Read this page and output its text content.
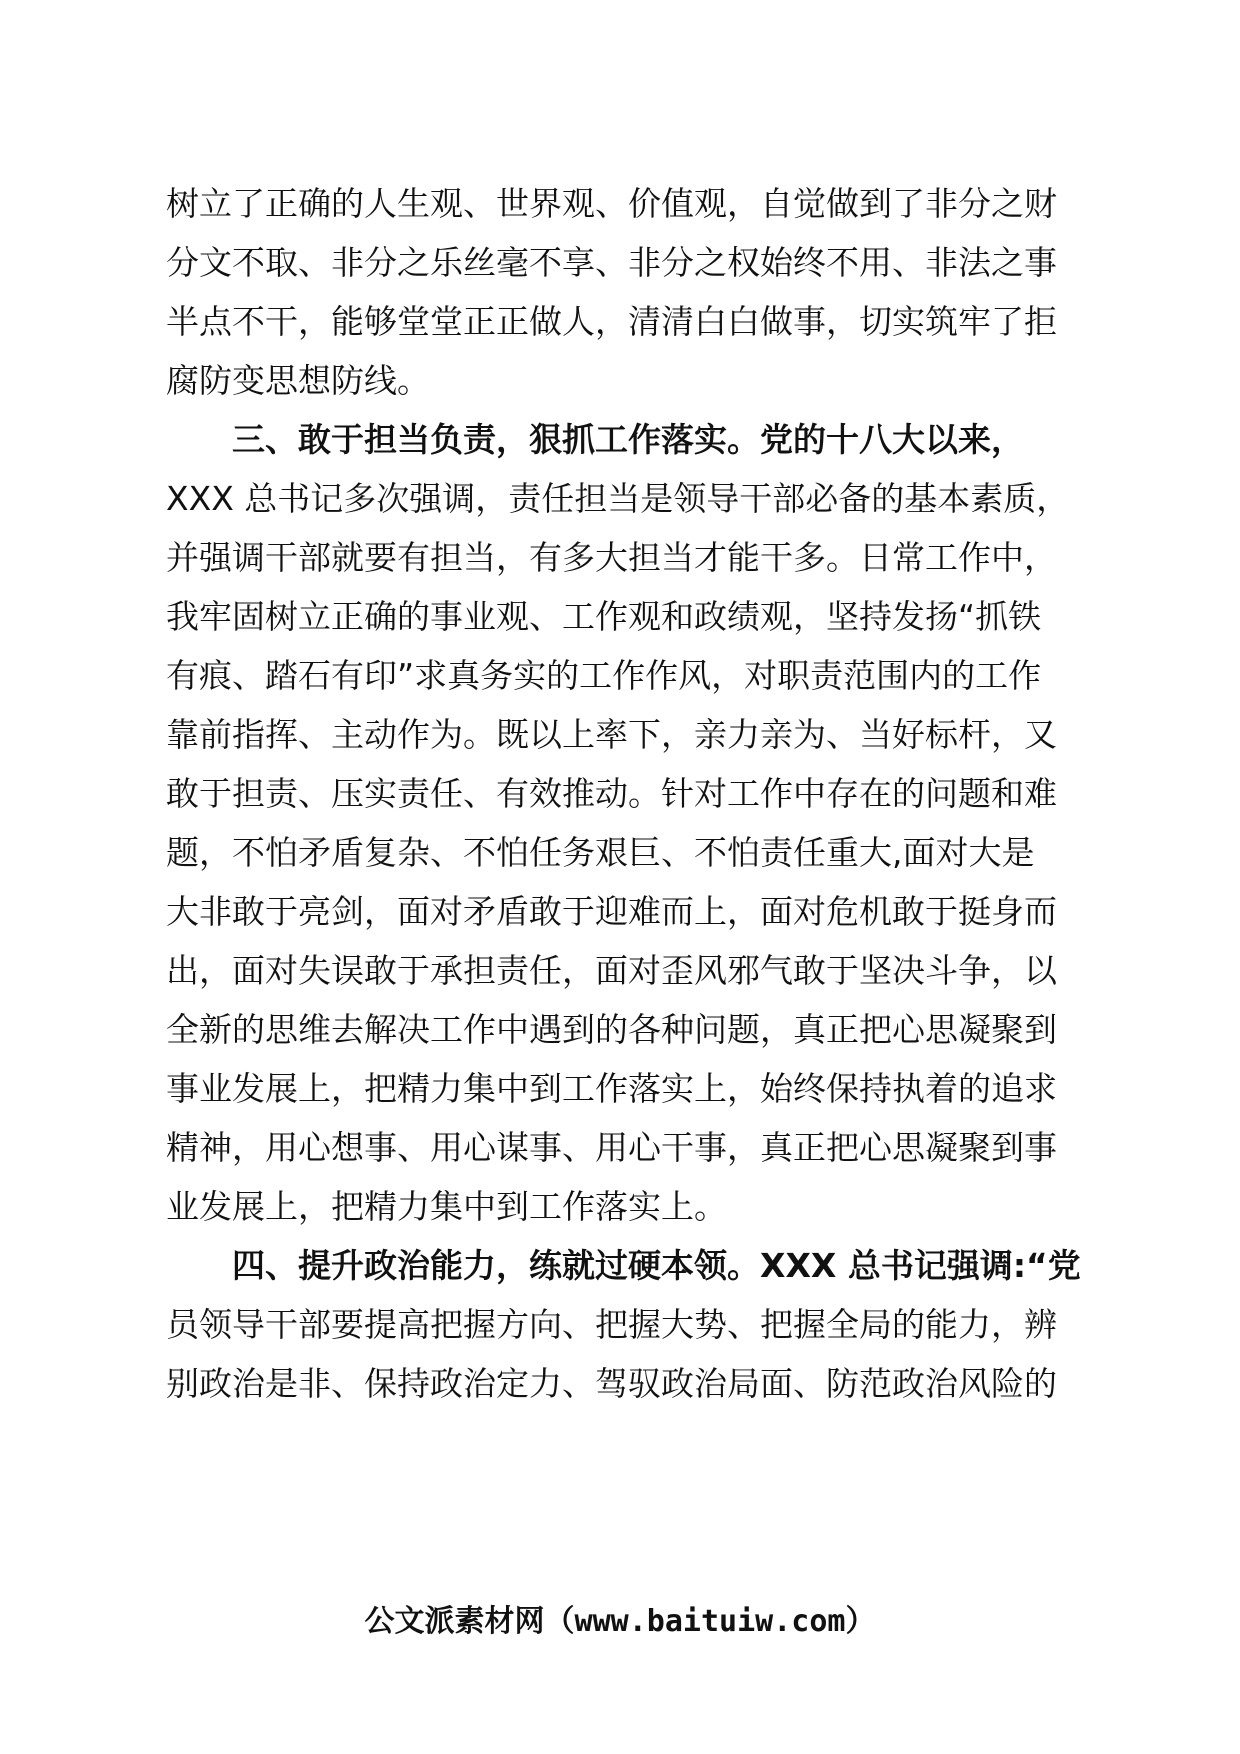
树立了正确的人生观、世界观、价值观，自觉做到了非分之财
分文不取、非分之乐丝毫不享、非分之权始终不用、非法之事
半点不干，能够堂堂正正做人，清清白白做事，切实筑牢了拒
腐防变思想防线。
三、敢于担当负责，狠抓工作落实。党的十八大以来，
XXX 总书记多次强调，责任担当是领导干部必备的基本素质，
并强调干部就要有担当，有多大担当才能干多。日常工作中，
我牢固树立正确的事业观、工作观和政绩观，坚持发扬“抓铁
有痕、踏石有印”求真务实的工作作风，对职责范围内的工作
靠前指挥、主动作为。既以上率下，亲力亲为、当好标杆，又
敢于担责、压实责任、有效推动。针对工作中存在的问题和难
题，不怕矛盾复杂、不怕任务艰巨、不怕责任重大,面对大是
大非敢于亮剑，面对矛盾敢于迎难而上，面对危机敢于挺身而
出，面对失误敢于承担责任，面对歪风邪气敢于坚决斗争，以
全新的思维去解决工作中遇到的各种问题，真正把心思凝聚到
事业发展上，把精力集中到工作落实上，始终保持执着的追求
精神，用心想事、用心谋事、用心干事，真正把心思凝聚到事
业发展上，把精力集中到工作落实上。
四、提升政治能力，练就过硬本领。XXX 总书记强调:“党
员领导干部要提高把握方向、把握大势、把握全局的能力，辨
别政治是非、保持政治定力、驾驭政治局面、防范政治风险的
公文派素材网（www.baituiw.com）
